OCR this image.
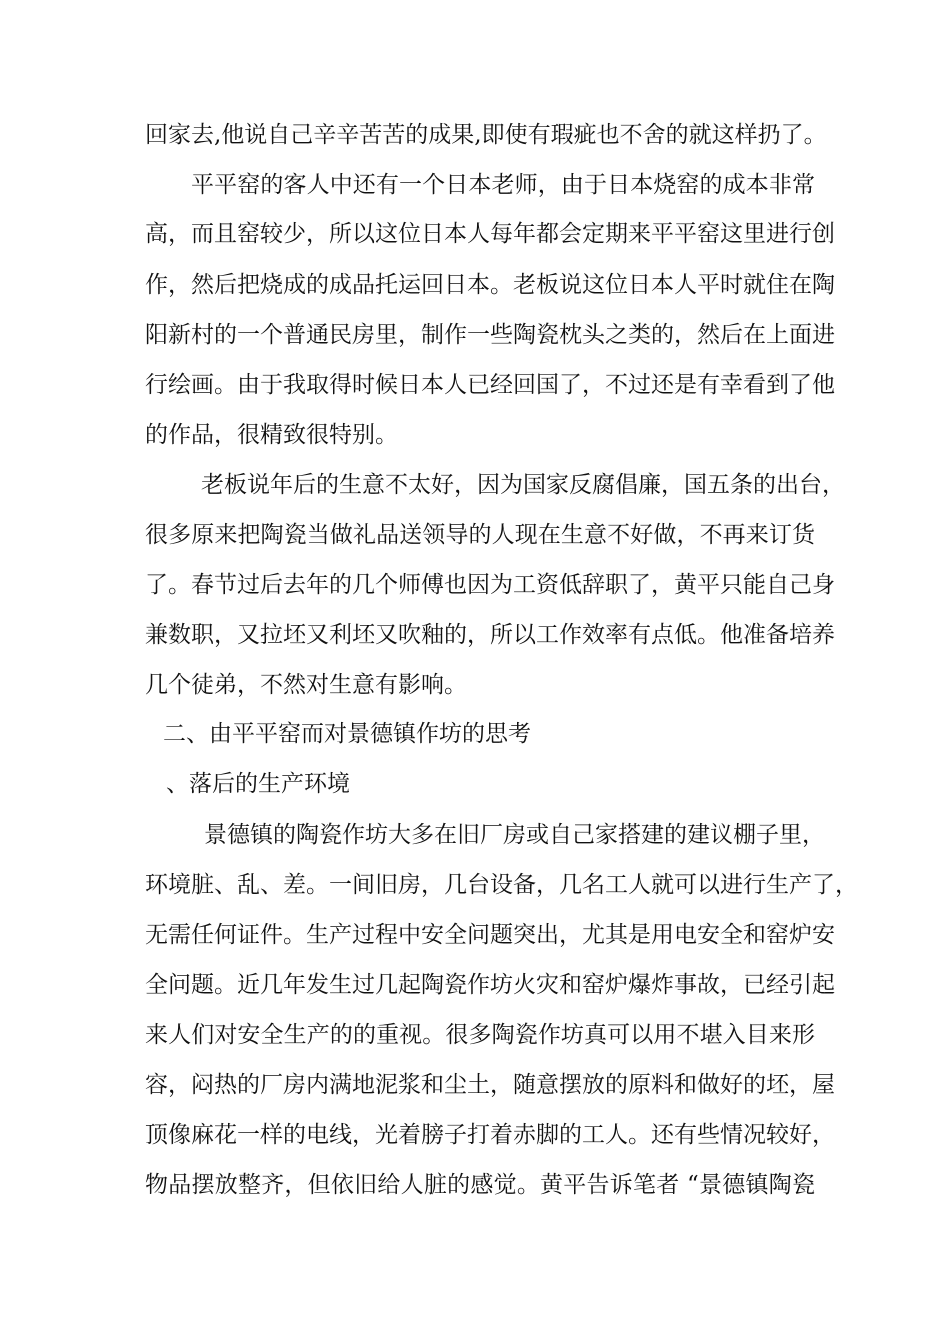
回家去,他说自己辛辛苦苦的成果,即使有瑕疵也不舍的就这样扔了。
平平窑的客人中还有一个日本老师，由于日本烧窑的成本非常
高，而且窑较少，所以这位日本人每年都会定期来平平窑这里进行创
作，然后把烧成的成品托运回日本。老板说这位日本人平时就住在陶
阳新村的一个普通民房里，制作一些陶瓷枕头之类的，然后在上面进
行绘画。由于我取得时候日本人已经回国了，不过还是有幸看到了他
的作品，很精致很特别。
老板说年后的生意不太好，因为国家反腐倡廉，国五条的出台，
很多原来把陶瓷当做礼品送领导的人现在生意不好做，不再来订货
了。春节过后去年的几个师傅也因为工资低辞职了，黄平只能自己身
兼数职，又拉坯又利坯又吹釉的，所以工作效率有点低。他准备培养
几个徒弟，不然对生意有影响。
二、由平平窑而对景德镇作坊的思考
、落后的生产环境
景德镇的陶瓷作坊大多在旧厂房或自己家搭建的建议棚子里，
环境脏、乱、差。一间旧房，几台设备，几名工人就可以进行生产了，
无需任何证件。生产过程中安全问题突出，尤其是用电安全和窑炉安
全问题。近几年发生过几起陶瓷作坊火灾和窑炉爆炸事故，已经引起
来人们对安全生产的的重视。很多陶瓷作坊真可以用不堪入目来形
容，闷热的厂房内满地泥浆和尘土，随意摆放的原料和做好的坯，屋
顶像麻花一样的电线，光着膀子打着赤脚的工人。还有些情况较好，
物品摆放整齐，但依旧给人脏的感觉。黄平告诉笔者 “景德镇陶瓷
